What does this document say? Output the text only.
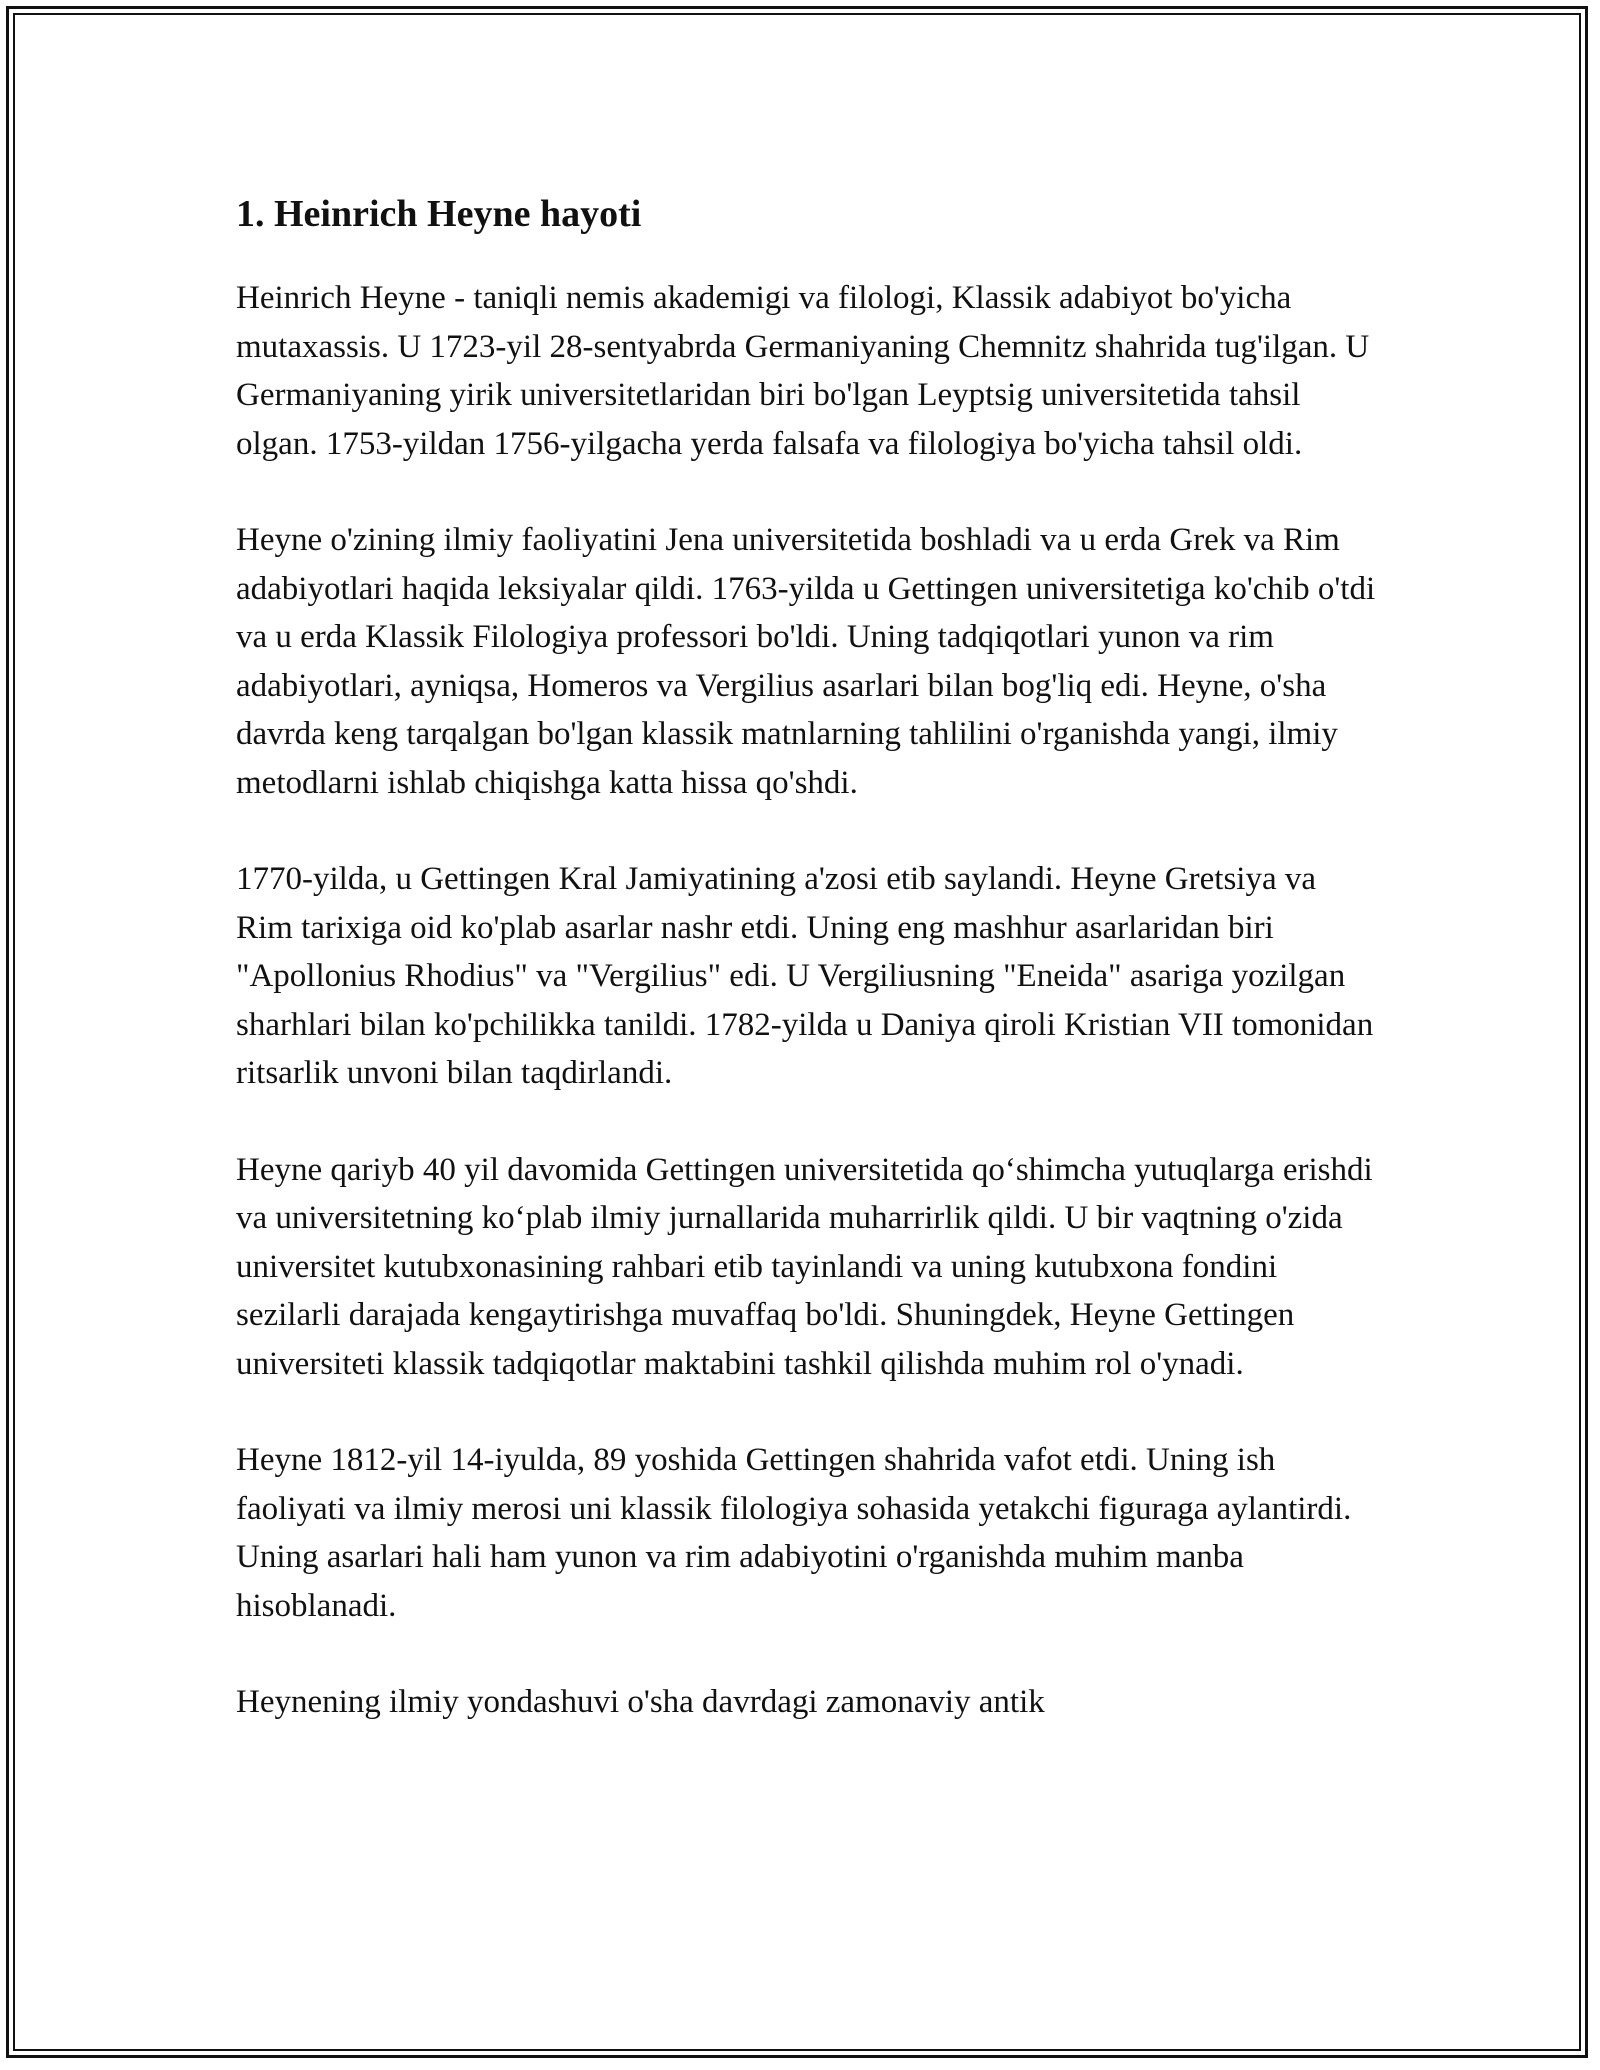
1. Heinrich Heyne hayoti

Heinrich Heyne - taniqli nemis akademigi va filologi, Klassik adabiyot bo'yicha mutaxassis. U 1723-yil 28-sentyabrda Germaniyaning Chemnitz shahrida tug'ilgan. U Germaniyaning yirik universitetlaridan biri bo'lgan Leyptsig universitetida tahsil olgan. 1753-yildan 1756-yilgacha yerda falsafa va filologiya bo'yicha tahsil oldi.

Heyne o'zining ilmiy faoliyatini Jena universitetida boshladi va u erda Grek va Rim adabiyotlari haqida leksiyalar qildi. 1763-yilda u Gettingen universitetiga ko'chib o'tdi va u erda Klassik Filologiya professori bo'ldi. Uning tadqiqotlari yunon va rim adabiyotlari, ayniqsa, Homeros va Vergilius asarlari bilan bog'liq edi. Heyne, o'sha davrda keng tarqalgan bo'lgan klassik matnlarning tahlilini o'rganishda yangi, ilmiy metodlarni ishlab chiqishga katta hissa qo'shdi.

1770-yilda, u Gettingen Kral Jamiyatining a'zosi etib saylandi. Heyne Gretsiya va Rim tarixiga oid ko'plab asarlar nashr etdi. Uning eng mashhur asarlaridan biri "Apollonius Rhodius" va "Vergilius" edi. U Vergiliusning "Eneida" asariga yozilgan sharhlari bilan ko'pchilikka tanildi. 1782-yilda u Daniya qiroli Kristian VII tomonidan ritsarlik unvoni bilan taqdirlandi.

Heyne qariyb 40 yil davomida Gettingen universitetida qo‘shimcha yutuqlarga erishdi va universitetning ko‘plab ilmiy jurnallarida muharrirlik qildi. U bir vaqtning o'zida universitet kutubxonasining rahbari etib tayinlandi va uning kutubxona fondini sezilarli darajada kengaytirishga muvaffaq bo'ldi. Shuningdek, Heyne Gettingen universiteti klassik tadqiqotlar maktabini tashkil qilishda muhim rol o'ynadi.

Heyne 1812-yil 14-iyulda, 89 yoshida Gettingen shahrida vafot etdi. Uning ish faoliyati va ilmiy merosi uni klassik filologiya sohasida yetakchi figuraga aylantirdi. Uning asarlari hali ham yunon va rim adabiyotini o'rganishda muhim manba hisoblanadi.

Heynening ilmiy yondashuvi o'sha davrdagi zamonaviy antik
